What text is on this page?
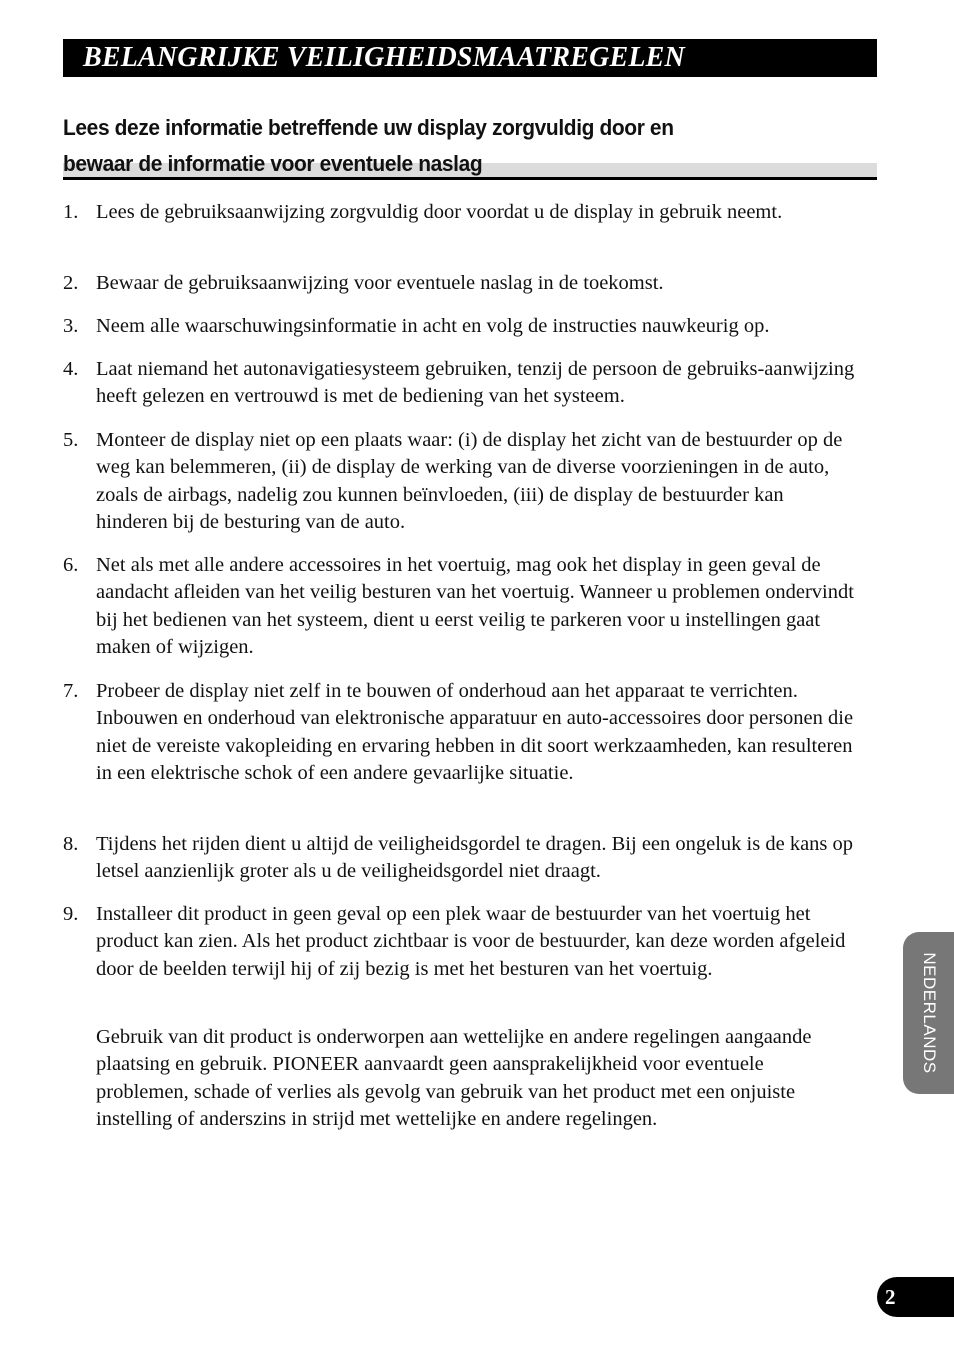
BELANGRIJKE VEILIGHEIDSMAATREGELEN
Lees deze informatie betreffende uw display zorgvuldig door en
bewaar de informatie voor eventuele naslag
1. Lees de gebruiksaanwijzing zorgvuldig door voordat u de display in gebruik neemt.
2. Bewaar de gebruiksaanwijzing voor eventuele naslag in de toekomst.
3. Neem alle waarschuwingsinformatie in acht en volg de instructies nauwkeurig op.
4. Laat niemand het autonavigatiesysteem gebruiken, tenzij de persoon de gebruiks-aanwijzing heeft gelezen en vertrouwd is met de bediening van het systeem.
5. Monteer de display niet op een plaats waar: (i) de display het zicht van de bestuurder op de weg kan belemmeren, (ii) de display de werking van de diverse voorzieningen in de auto, zoals de airbags, nadelig zou kunnen beïnvloeden, (iii) de display de bestuurder kan hinderen bij de besturing van de auto.
6. Net als met alle andere accessoires in het voertuig, mag ook het display in geen geval de aandacht afleiden van het veilig besturen van het voertuig. Wanneer u problemen ondervindt bij het bedienen van het systeem, dient u eerst veilig te parkeren voor u instellingen gaat maken of wijzigen.
7. Probeer de display niet zelf in te bouwen of onderhoud aan het apparaat te verrichten. Inbouwen en onderhoud van elektronische apparatuur en auto-accessoires door personen die niet de vereiste vakopleiding en ervaring hebben in dit soort werkzaamheden, kan resulteren in een elektrische schok of een andere gevaarlijke situatie.
8. Tijdens het rijden dient u altijd de veiligheidsgordel te dragen. Bij een ongeluk is de kans op letsel aanzienlijk groter als u de veiligheidsgordel niet draagt.
9. Installeer dit product in geen geval op een plek waar de bestuurder van het voertuig het product kan zien. Als het product zichtbaar is voor de bestuurder, kan deze worden afgeleid door de beelden terwijl hij of zij bezig is met het besturen van het voertuig.
Gebruik van dit product is onderworpen aan wettelijke en andere regelingen aangaande plaatsing en gebruik. PIONEER aanvaardt geen aansprakelijkheid voor eventuele problemen, schade of verlies als gevolg van gebruik van het product met een onjuiste instelling of anderszins in strijd met wettelijke en andere regelingen.
NEDERLANDS
2
